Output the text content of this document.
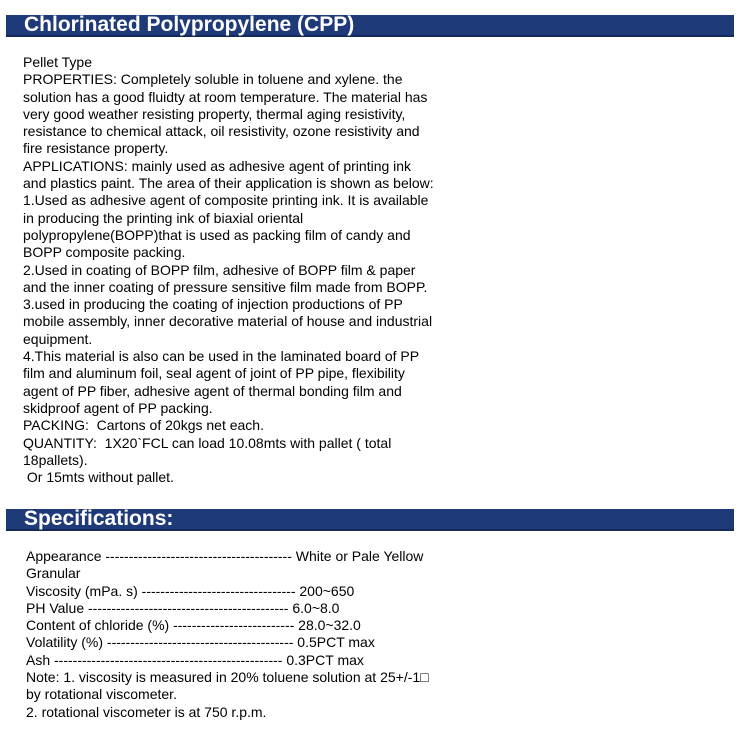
Chlorinated Polypropylene (CPP)
Pellet Type
PROPERTIES: Completely soluble in toluene and xylene. the
solution has a good fluidty at room temperature. The material has
very good weather resisting property, thermal aging resistivity,
resistance to chemical attack, oil resistivity, ozone resistivity and
fire resistance property.
APPLICATIONS: mainly used as adhesive agent of printing ink
and plastics paint. The area of their application is shown as below:
1.Used as adhesive agent of composite printing ink. It is available
in producing the printing ink of biaxial oriental
polypropylene(BOPP)that is used as packing film of candy and
BOPP composite packing.
2.Used in coating of BOPP film, adhesive of BOPP film & paper
and the inner coating of pressure sensitive film made from BOPP.
3.used in producing the coating of injection productions of PP
mobile assembly, inner decorative material of house and industrial
equipment.
4.This material is also can be used in the laminated board of PP
film and aluminum foil, seal agent of joint of PP pipe, flexibility
agent of PP fiber, adhesive agent of thermal bonding film and
skidproof agent of PP packing.
PACKING:  Cartons of 20kgs net each.
QUANTITY:  1X20`FCL can load 10.08mts with pallet ( total
18pallets).
Or 15mts without pallet.
Specifications:
Appearance ---------------------------------------- White or Pale Yellow
Granular
Viscosity (mPa. s) --------------------------------- 200~650
PH Value ------------------------------------------- 6.0~8.0
Content of chloride (%) -------------------------- 28.0~32.0
Volatility (%) ---------------------------------------- 0.5PCT max
Ash ------------------------------------------------- 0.3PCT max
Note: 1. viscosity is measured in 20% toluene solution at 25+/-1□
by rotational viscometer.
2. rotational viscometer is at 750 r.p.m.
